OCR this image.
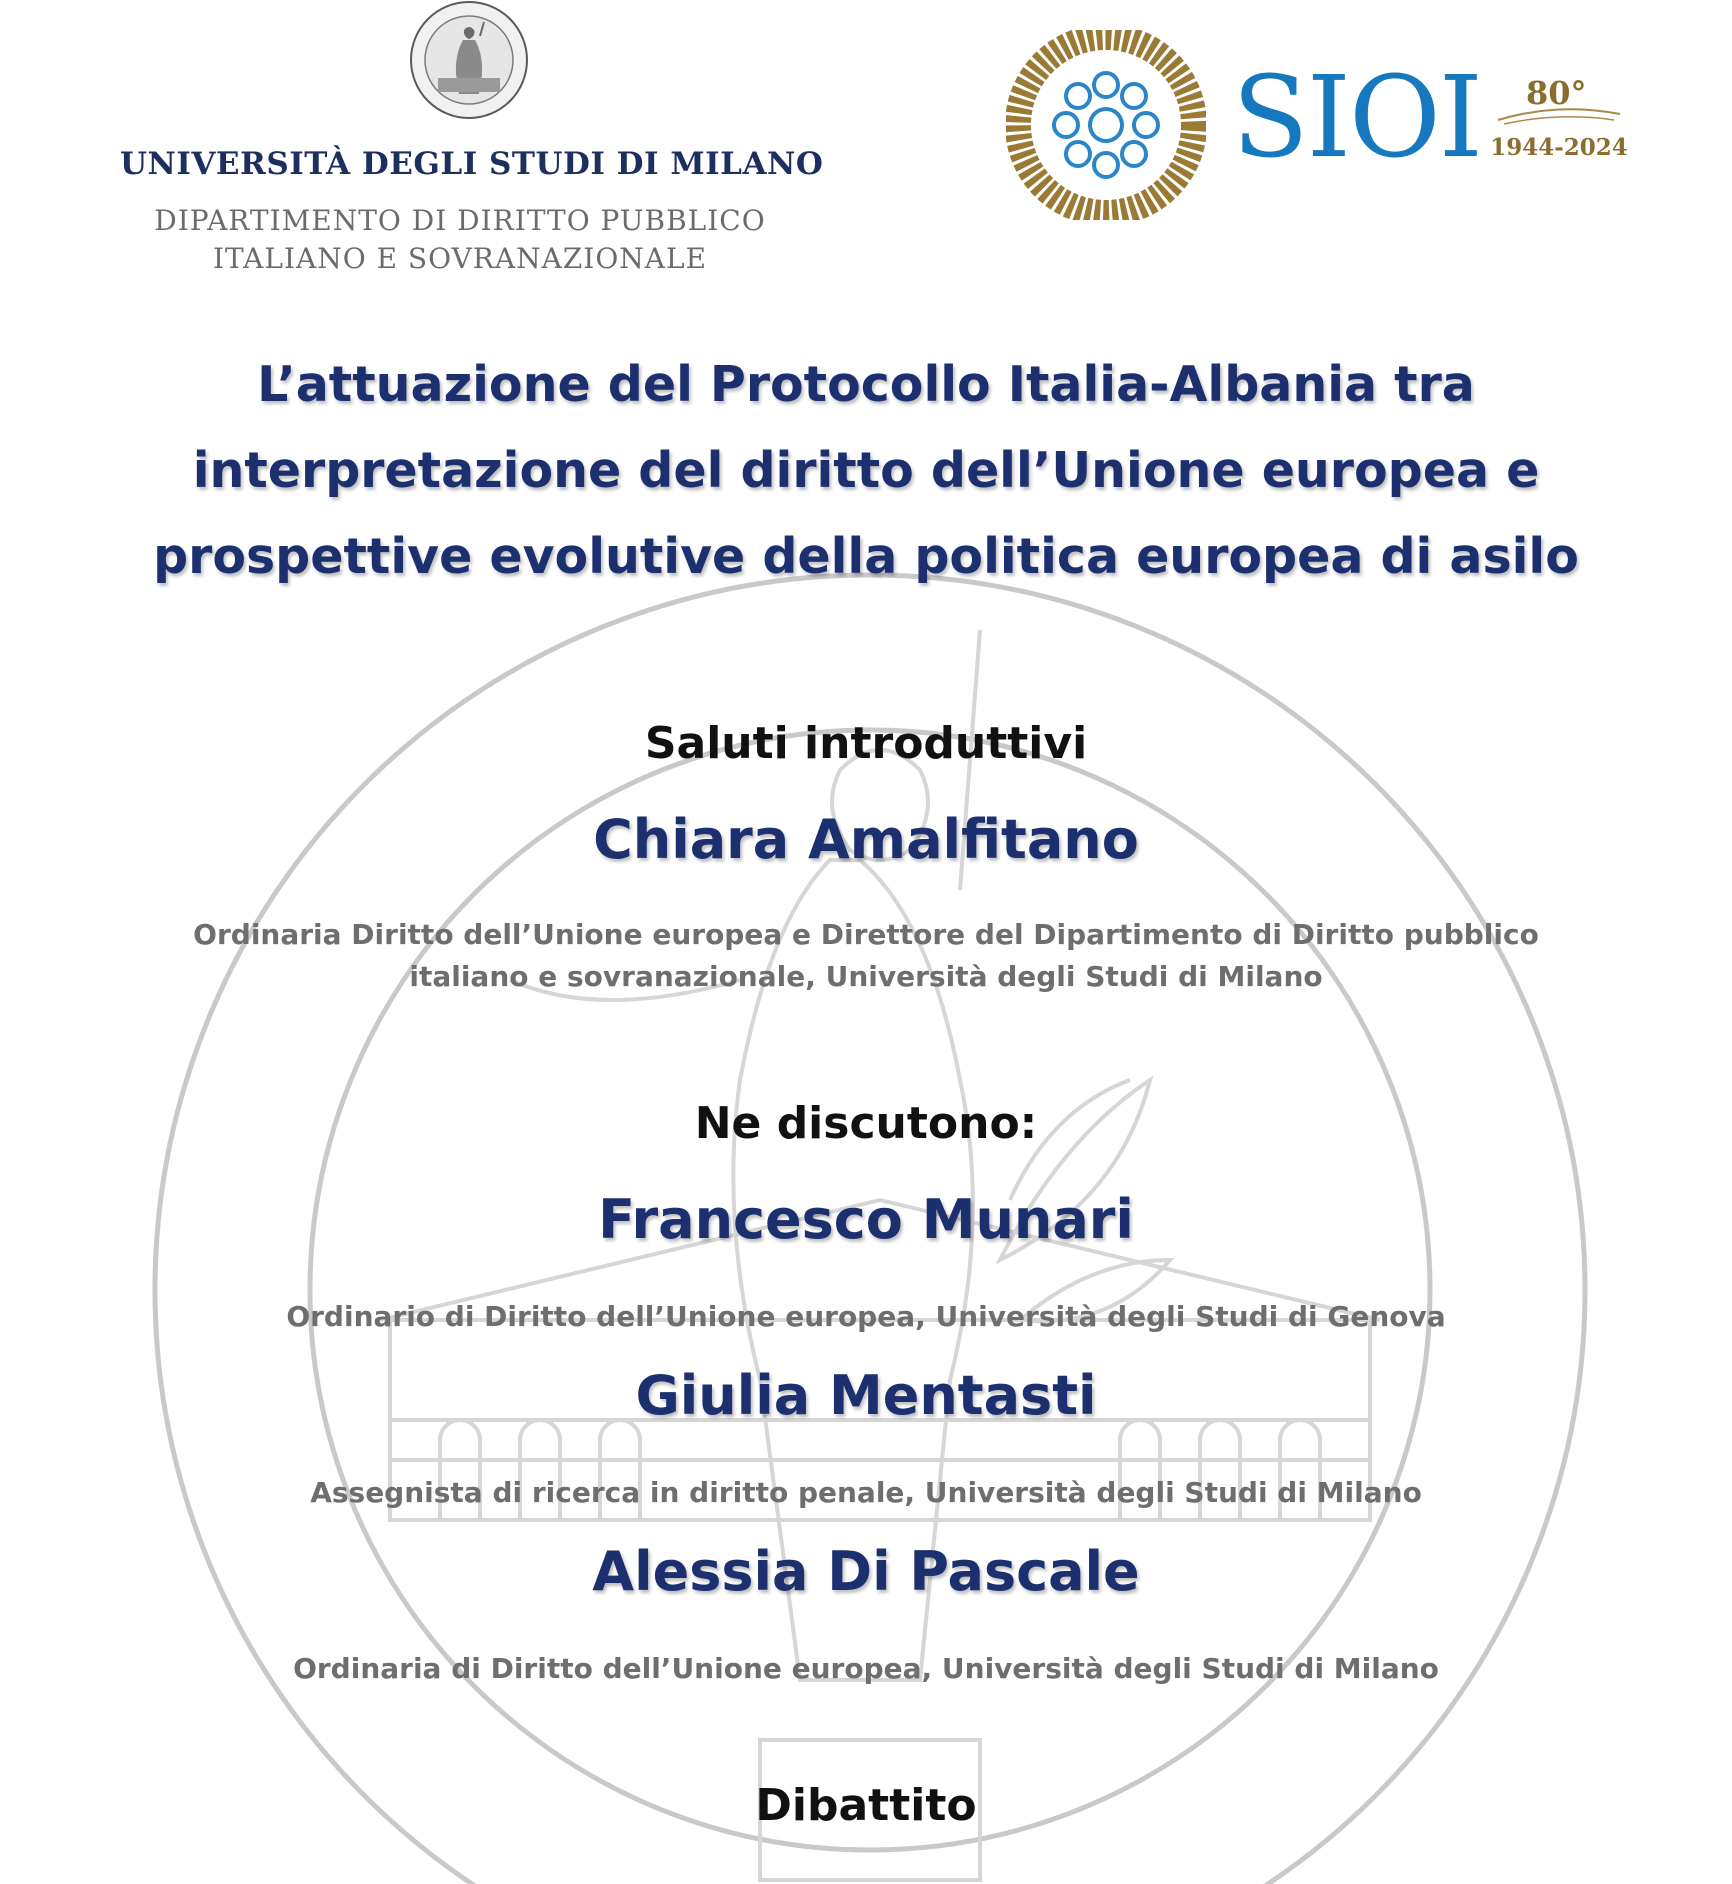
UNIVERSITÀ DEGLI STUDI DI MILANO
DIPARTIMENTO DI DIRITTO PUBBLICO
ITALIANO E SOVRANAZIONALE
SIOI 80°
1944-2024
L’attuazione del Protocollo Italia-Albania tra interpretazione del diritto dell’Unione europea e prospettive evolutive della politica europea di asilo
Saluti introduttivi
Chiara Amalfitano
Ordinaria Diritto dell’Unione europea e Direttore del Dipartimento di Diritto pubblico italiano e sovranazionale, Università degli Studi di Milano
Ne discutono:
Francesco Munari
Ordinario di Diritto dell’Unione europea, Università degli Studi di Genova
Giulia Mentasti
Assegnista di ricerca in diritto penale, Università degli Studi di Milano
Alessia Di Pascale
Ordinaria di Diritto dell’Unione europea, Università degli Studi di Milano
Dibattito
